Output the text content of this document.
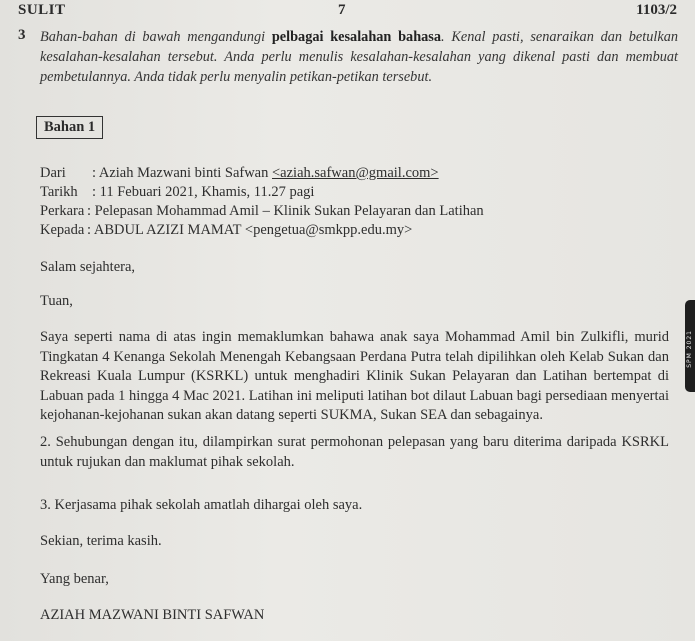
SULIT	7	1103/2
3 Bahan-bahan di bawah mengandungi pelbagai kesalahan bahasa. Kenal pasti, senaraikan dan betulkan kesalahan-kesalahan tersebut. Anda perlu menulis kesalahan-kesalahan yang dikenal pasti dan membuat pembetulannya. Anda tidak perlu menyalin petikan-petikan tersebut.
Bahan 1
Dari : Aziah Mazwani binti Safwan <aziah.safwan@gmail.com>
Tarikh : 11 Febuari 2021, Khamis, 11.27 pagi
Perkara : Pelepasan Mohammad Amil – Klinik Sukan Pelayaran dan Latihan
Kepada : ABDUL AZIZI MAMAT <pengetua@smkpp.edu.my>
Salam sejahtera,
Tuan,
Saya seperti nama di atas ingin memaklumkan bahawa anak saya Mohammad Amil bin Zulkifli, murid Tingkatan 4 Kenanga Sekolah Menengah Kebangsaan Perdana Putra telah dipilihkan oleh Kelab Sukan dan Rekreasi Kuala Lumpur (KSRKL) untuk menghadiri Klinik Sukan Pelayaran dan Latihan bertempat di Labuan pada 1 hingga 4 Mac 2021. Latihan ini meliputi latihan bot dilaut Labuan bagi persediaan menyertai kejohanan-kejohanan sukan akan datang seperti SUKMA, Sukan SEA dan sebagainya.
2. Sehubungan dengan itu, dilampirkan surat permohonan pelepasan yang baru diterima daripada KSRKL untuk rujukan dan maklumat pihak sekolah.
3. Kerjasama pihak sekolah amatlah dihargai oleh saya.
Sekian, terima kasih.
Yang benar,
AZIAH MAZWANI BINTI SAFWAN
SPM 2021
